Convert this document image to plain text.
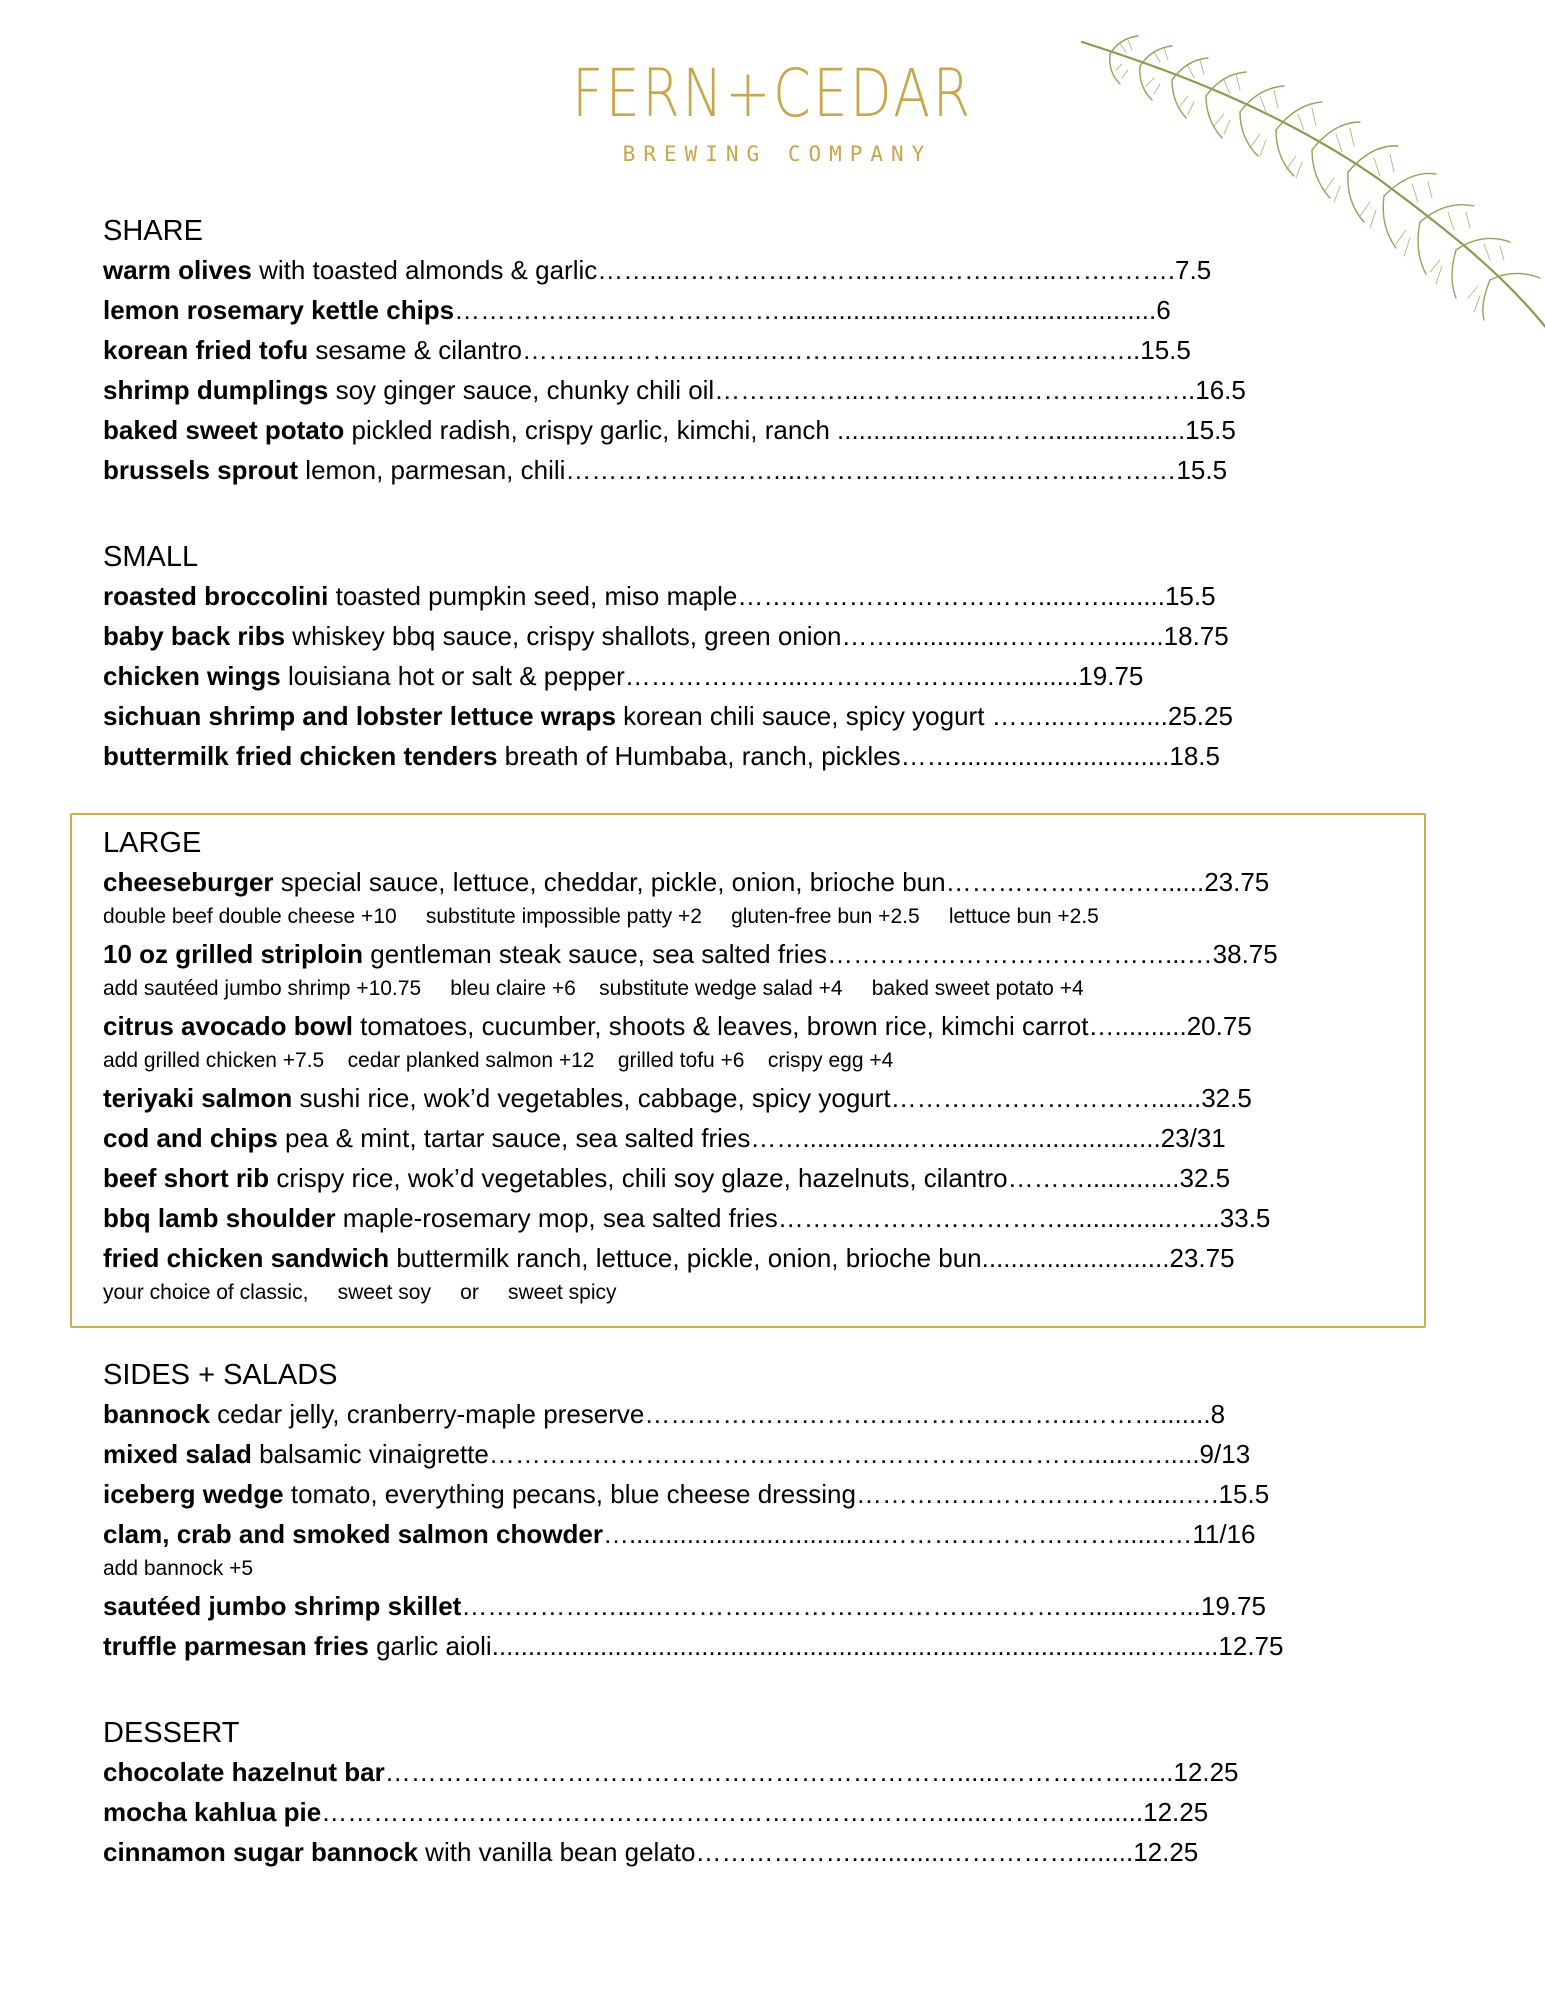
FERN+CEDAR
BREWING COMPANY
SHARE
warm olives with toasted almonds & garlic……..…………………….….……………..…….…….7.5
lemon rosemary kettle chips……….….……………………....................................................6
korean fried tofu sesame & cilantro……………………..….…………………...…………..…..15.5
shrimp dumplings soy ginger sauce, chunky chili oil……………...……………...…………….…..16.5
baked sweet potato pickled radish, crispy garlic, kimchi, ranch ......................……...................15.5
brussels sprout lemon, parmesan, chili……………………....…………..………………...………15.5
SMALL
roasted broccolini toasted pumpkin seed, miso maple…….………….…………….....….........15.5
baby back ribs whiskey bbq sauce, crispy shallots, green onion……................………….......18.75
chicken wings louisiana hot or salt & pepper………………....………………...….........19.75
sichuan shrimp and lobster lettuce wraps korean chili sauce, spicy yogurt ……...…….......25.25
buttermilk fried chicken tenders breath of Humbaba, ranch, pickles……..............................18.5
LARGE
cheeseburger special sauce, lettuce, cheddar, pickle, onion, brioche bun………………….…......23.75
double beef double cheese +10     substitute impossible patty +2     gluten-free bun +2.5     lettuce bun +2.5
10 oz grilled striploin gentleman steak sauce, sea salted fries…………………………………...…38.75
add sautéed jumbo shrimp +10.75     bleu claire +6    substitute wedge salad +4     baked sweet potato +4
citrus avocado bowl tomatoes, cucumber, shoots & leaves, brown rice, kimchi carrot…..........20.75
add grilled chicken +7.5    cedar planked salmon +12    grilled tofu +6    crispy egg +4
teriyaki salmon sushi rice, wok’d vegetables, cabbage, spicy yogurt………………………….......32.5
cod and chips pea & mint, tartar sauce, sea salted fries……...............…...............................23/31
beef short rib crispy rice, wok’d vegetables, chili soy glaze, hazelnuts, cilantro……….............32.5
bbq lamb shoulder maple-rosemary mop, sea salted fries……………………………...............…...33.5
fried chicken sandwich buttermilk ranch, lettuce, pickle, onion, brioche bun..........................23.75
your choice of classic,     sweet soy     or     sweet spicy
SIDES + SALADS
bannock cedar jelly, cranberry-maple preserve…………………………………………...……….......8
mixed salad balsamic vinaigrette…………………………………………………………….......….....9/13
iceberg wedge tomato, everything pecans, blue cheese dressing……………………………......….15.5
clam, crab and smoked salmon chowder…...................................……………………….......…11/16
add bannock +5
sautéed jumbo shrimp skillet………………....…………………………………………….........…...19.75
truffle parmesan fries garlic aioli...........................................................................................…......12.75
DESSERT
chocolate hazelnut bar…………………………………………………………......……………......12.25
mocha kahlua pie………………………………………………………………......………….......12.25
cinnamon sugar bannock with vanilla bean gelato……………….............……………........12.25
